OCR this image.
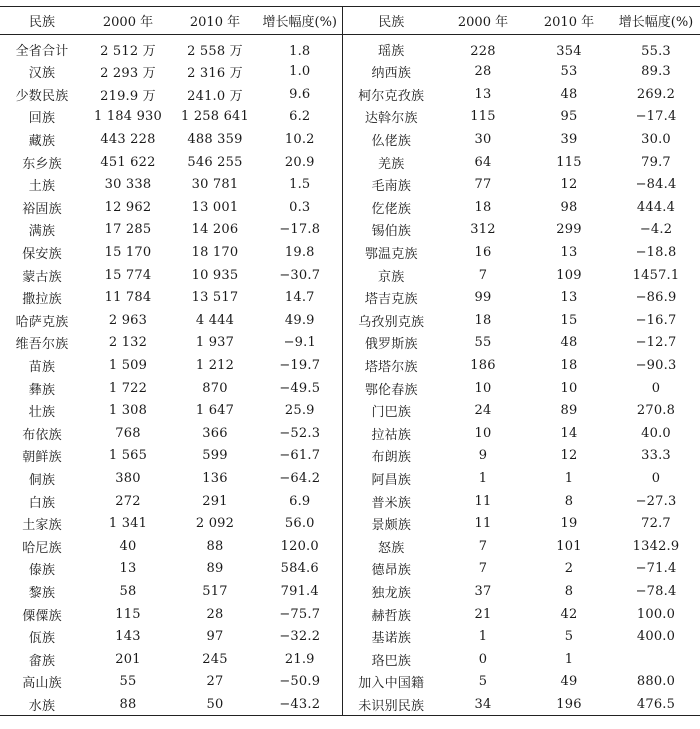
民族	2000 年	2010 年	增长幅度(%)	民族	2000 年	2010 年	增长幅度(%)
全省合计	2 512 万	2 558 万	1.8	瑶族	228	354	55.3
汉族	2 293 万	2 316 万	1.0	纳西族	28	53	89.3
少数民族	219.9 万	241.0 万	9.6	柯尔克孜族	13	48	269.2
回族	1 184 930	1 258 641	6.2	达斡尔族	115	95	−17.4
藏族	443 228	488 359	10.2	仫佬族	30	39	30.0
东乡族	451 622	546 255	20.9	羌族	64	115	79.7
土族	30 338	30 781	1.5	毛南族	77	12	−84.4
裕固族	12 962	13 001	0.3	仡佬族	18	98	444.4
满族	17 285	14 206	−17.8	锡伯族	312	299	−4.2
保安族	15 170	18 170	19.8	鄂温克族	16	13	−18.8
蒙古族	15 774	10 935	−30.7	京族	7	109	1457.1
撒拉族	11 784	13 517	14.7	塔吉克族	99	13	−86.9
哈萨克族	2 963	4 444	49.9	乌孜别克族	18	15	−16.7
维吾尔族	2 132	1 937	−9.1	俄罗斯族	55	48	−12.7
苗族	1 509	1 212	−19.7	塔塔尔族	186	18	−90.3
彝族	1 722	870	−49.5	鄂伦春族	10	10	0
壮族	1 308	1 647	25.9	门巴族	24	89	270.8
布依族	768	366	−52.3	拉祜族	10	14	40.0
朝鲜族	1 565	599	−61.7	布朗族	9	12	33.3
侗族	380	136	−64.2	阿昌族	1	1	0
白族	272	291	6.9	普米族	11	8	−27.3
土家族	1 341	2 092	56.0	景颇族	11	19	72.7
哈尼族	40	88	120.0	怒族	7	101	1342.9
傣族	13	89	584.6	德昂族	7	2	−71.4
黎族	58	517	791.4	独龙族	37	8	−78.4
傈僳族	115	28	−75.7	赫哲族	21	42	100.0
佤族	143	97	−32.2	基诺族	1	5	400.0
畲族	201	245	21.9	珞巴族	0	1	
高山族	55	27	−50.9	加入中国籍	5	49	880.0
水族	88	50	−43.2	未识别民族	34	196	476.5
